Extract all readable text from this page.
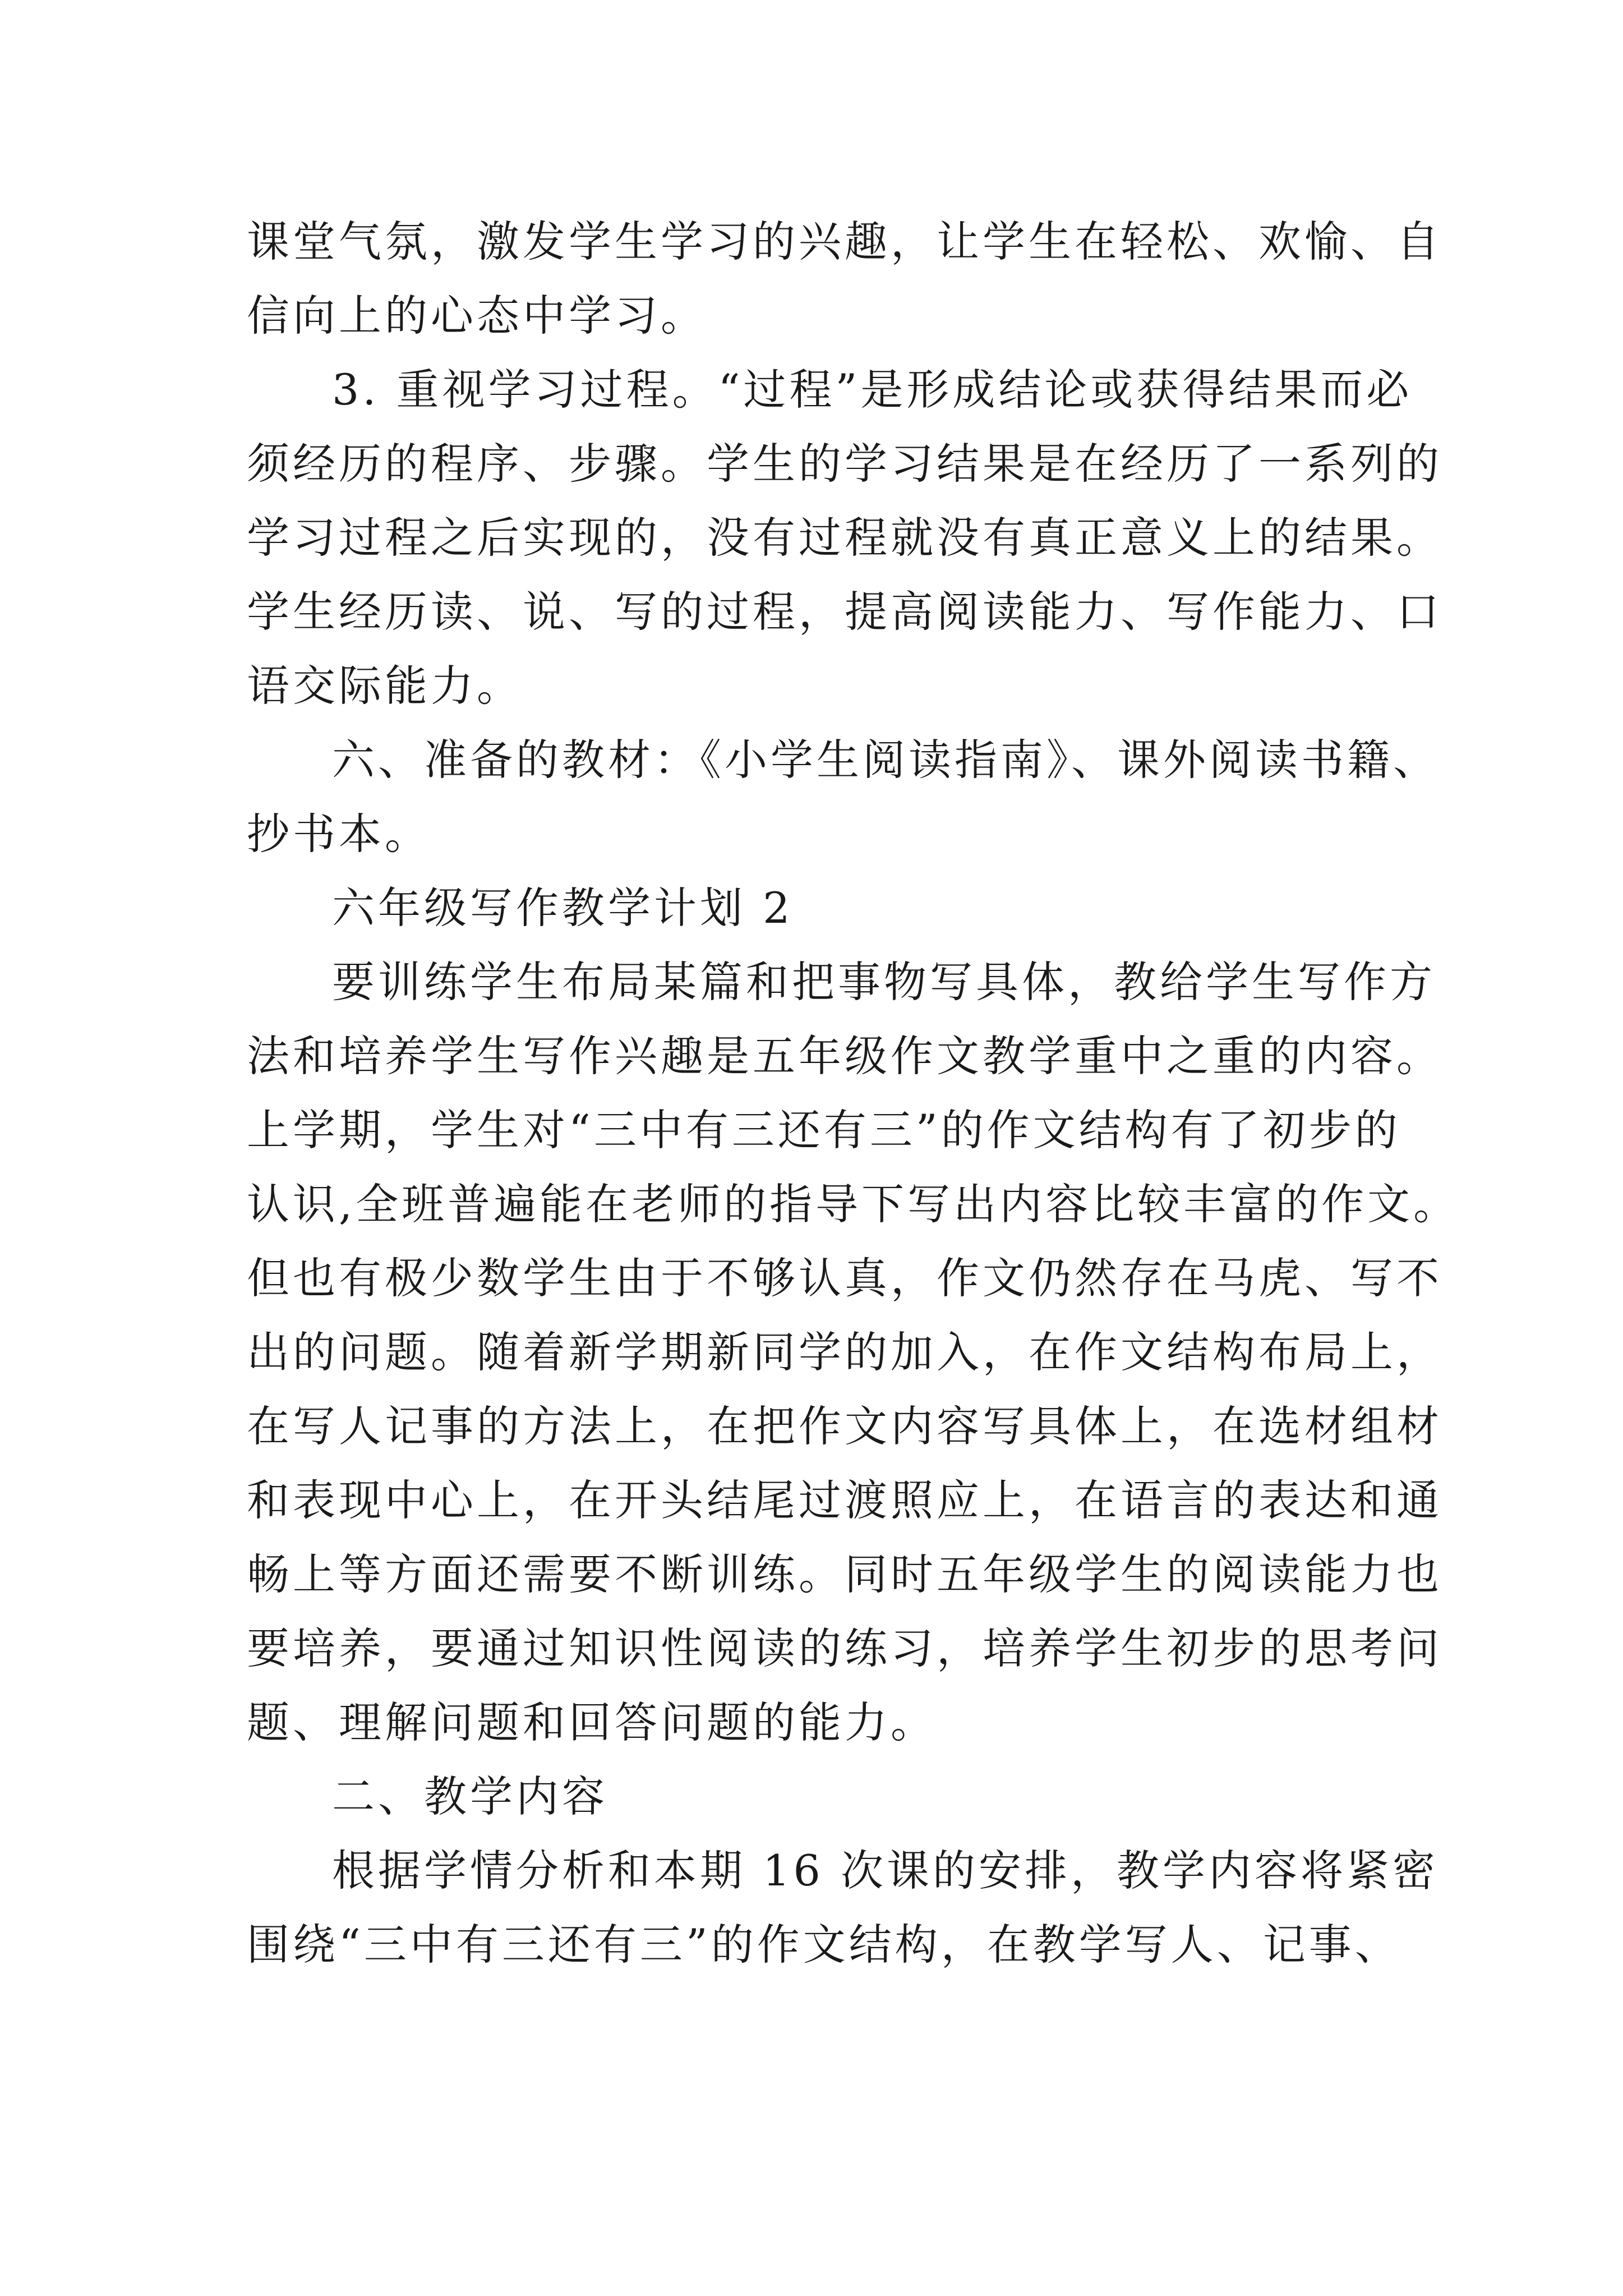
课堂气氛，激发学生学习的兴趣，让学生在轻松、欢愉、自
信向上的心态中学习。
3. 重视学习过程。“过程”是形成结论或获得结果而必
须经历的程序、步骤。学生的学习结果是在经历了一系列的
学习过程之后实现的，没有过程就没有真正意义上的结果。
学生经历读、说、写的过程，提高阅读能力、写作能力、口
语交际能力。
六、准备的教材：《小学生阅读指南》、课外阅读书籍、
抄书本。
六年级写作教学计划 2
要训练学生布局某篇和把事物写具体，教给学生写作方
法和培养学生写作兴趣是五年级作文教学重中之重的内容。
上学期，学生对“三中有三还有三”的作文结构有了初步的
认识,全班普遍能在老师的指导下写出内容比较丰富的作文。
但也有极少数学生由于不够认真，作文仍然存在马虎、写不
出的问题。随着新学期新同学的加入，在作文结构布局上，
在写人记事的方法上，在把作文内容写具体上，在选材组材
和表现中心上，在开头结尾过渡照应上，在语言的表达和通
畅上等方面还需要不断训练。同时五年级学生的阅读能力也
要培养，要通过知识性阅读的练习，培养学生初步的思考问
题、理解问题和回答问题的能力。
二、教学内容
根据学情分析和本期 16 次课的安排，教学内容将紧密
围绕“三中有三还有三”的作文结构，在教学写人、记事、
